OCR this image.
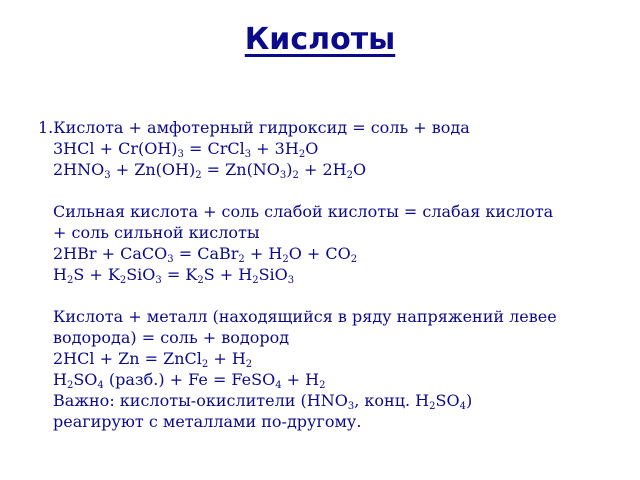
Кислоты
1.Кислота + амфотерный гидроксид = соль + вода
$3HCl + Cr(OH)_3$ = CrCl$_3$ + $3H_2O$
$2HNO_3 + Zn(OH)_2 = Zn(NO_3)_2 + 2H_2O$
Сильная кислота + соль слабой кислоты = слабая кислота
+ соль сильной кислоты
2HBr + CaCO$_3$ = CaBr$_2$ + $H_2O + CO_2$
$H_2S + K_2SiO_3 = K_2S + H_2SiO_3$
Кислота + металл (находящийся в ряду напряжений левее
водорода) = соль + водород
2HCl + Zn = ZnCl$_2$ + $H_2$
$H_2SO_4$ (разб.) + Fe = FeSO$_4$ + $H_2$
Важно: кислоты-окислители ($HNO_3$, конц. $H_2SO_4$)
реагируют с металлами по-другому.
